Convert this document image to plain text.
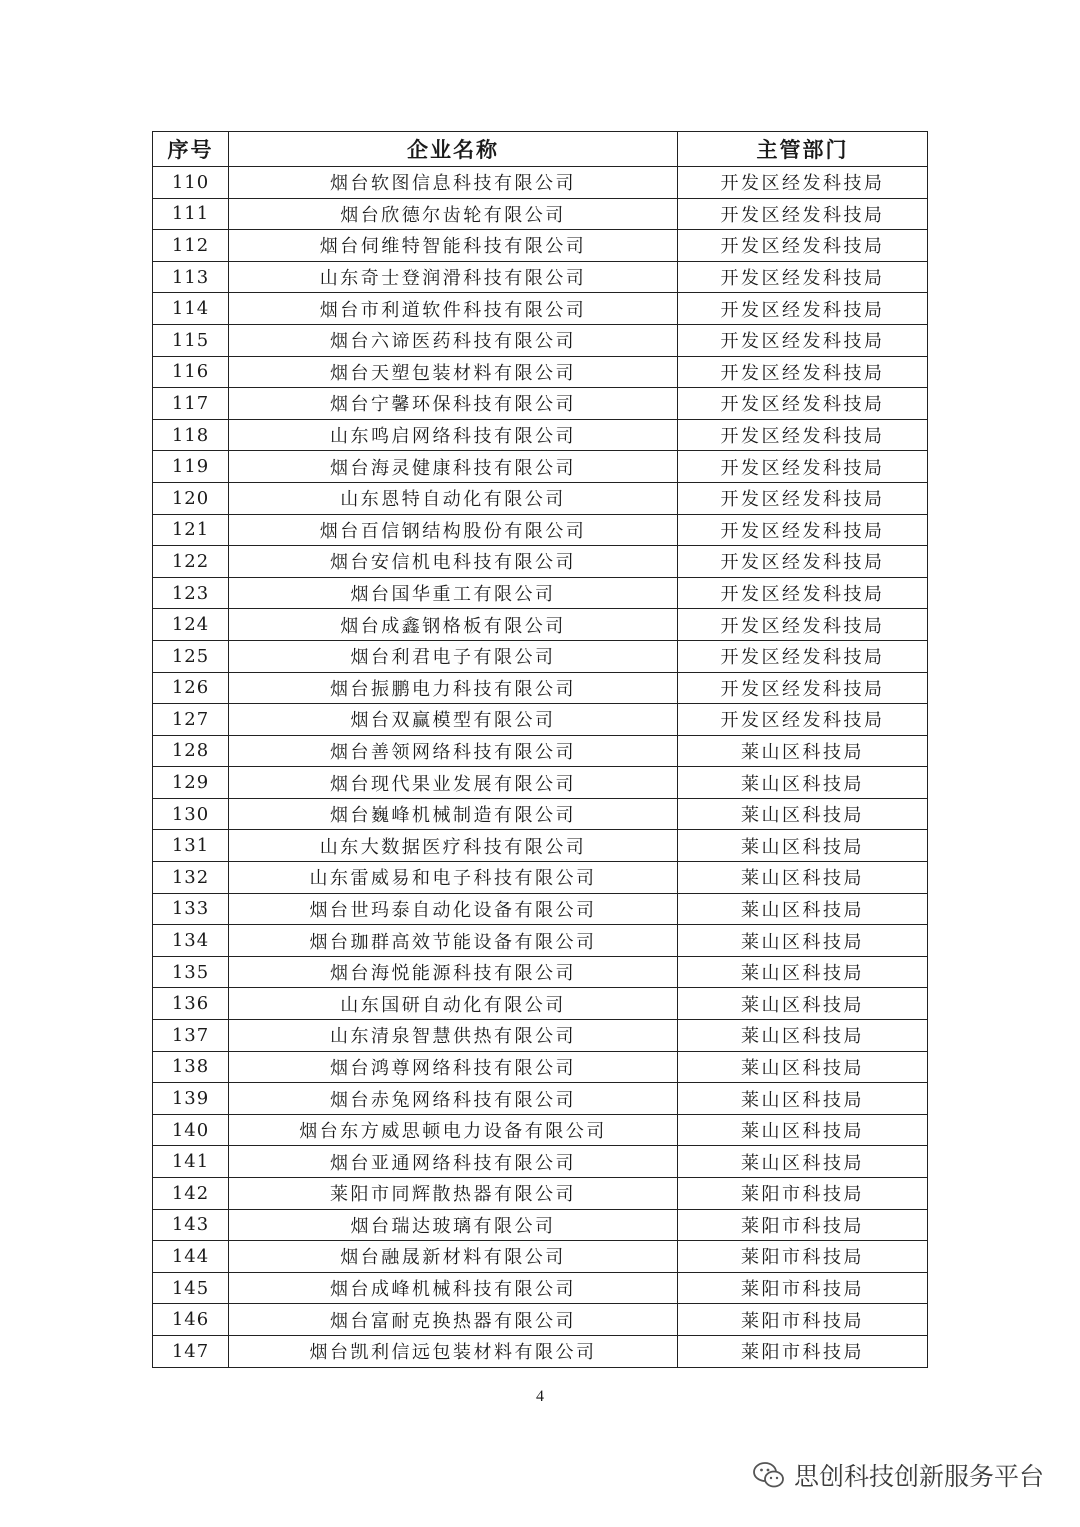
序号	企业名称	主管部门
110	烟台软图信息科技有限公司	开发区经发科技局
111	烟台欣德尔齿轮有限公司	开发区经发科技局
112	烟台伺维特智能科技有限公司	开发区经发科技局
113	山东奇士登润滑科技有限公司	开发区经发科技局
114	烟台市利道软件科技有限公司	开发区经发科技局
115	烟台六谛医药科技有限公司	开发区经发科技局
116	烟台天塑包装材料有限公司	开发区经发科技局
117	烟台宁馨环保科技有限公司	开发区经发科技局
118	山东鸣启网络科技有限公司	开发区经发科技局
119	烟台海灵健康科技有限公司	开发区经发科技局
120	山东恩特自动化有限公司	开发区经发科技局
121	烟台百信钢结构股份有限公司	开发区经发科技局
122	烟台安信机电科技有限公司	开发区经发科技局
123	烟台国华重工有限公司	开发区经发科技局
124	烟台成鑫钢格板有限公司	开发区经发科技局
125	烟台利君电子有限公司	开发区经发科技局
126	烟台振鹏电力科技有限公司	开发区经发科技局
127	烟台双赢模型有限公司	开发区经发科技局
128	烟台善领网络科技有限公司	莱山区科技局
129	烟台现代果业发展有限公司	莱山区科技局
130	烟台巍峰机械制造有限公司	莱山区科技局
131	山东大数据医疗科技有限公司	莱山区科技局
132	山东雷威易和电子科技有限公司	莱山区科技局
133	烟台世玛泰自动化设备有限公司	莱山区科技局
134	烟台珈群高效节能设备有限公司	莱山区科技局
135	烟台海悦能源科技有限公司	莱山区科技局
136	山东国研自动化有限公司	莱山区科技局
137	山东清泉智慧供热有限公司	莱山区科技局
138	烟台鸿尊网络科技有限公司	莱山区科技局
139	烟台赤兔网络科技有限公司	莱山区科技局
140	烟台东方威思顿电力设备有限公司	莱山区科技局
141	烟台亚通网络科技有限公司	莱山区科技局
142	莱阳市同辉散热器有限公司	莱阳市科技局
143	烟台瑞达玻璃有限公司	莱阳市科技局
144	烟台融晟新材料有限公司	莱阳市科技局
145	烟台成峰机械科技有限公司	莱阳市科技局
146	烟台富耐克换热器有限公司	莱阳市科技局
147	烟台凯利信远包装材料有限公司	莱阳市科技局
4
思创科技创新服务平台
